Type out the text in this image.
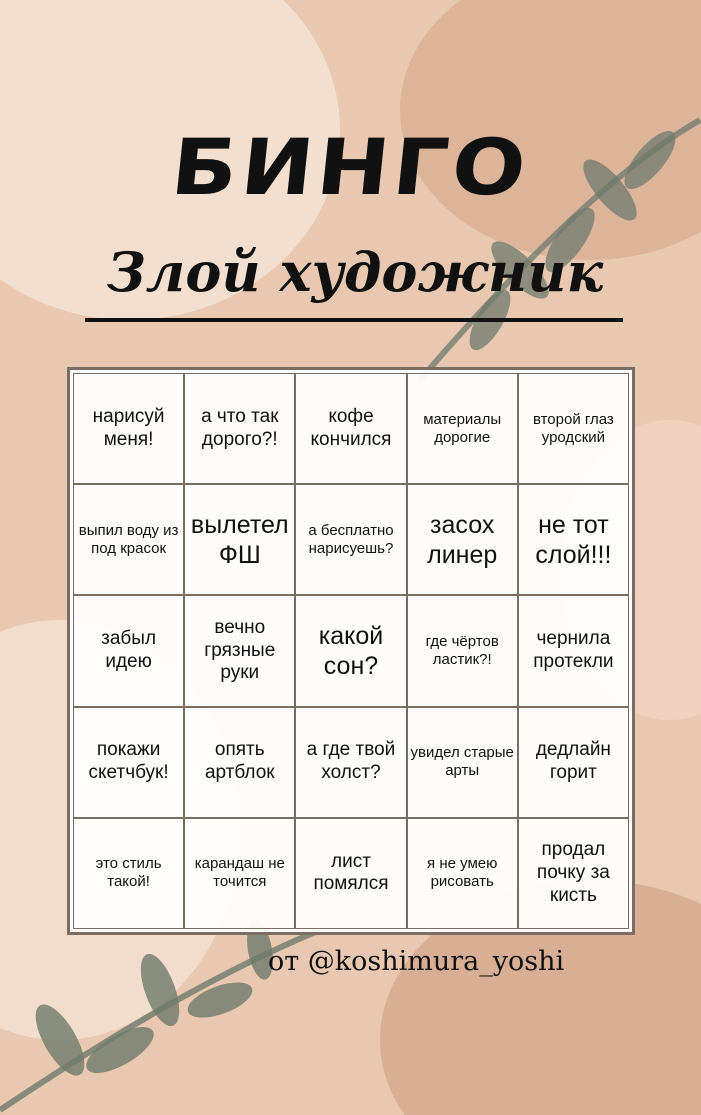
БИНГО
Злой художник
нарисуй меня!
а что так дорого?!
кофе кончился
материалы дорогие
второй глаз уродский
выпил воду из под красок
вылетел ФШ
а бесплатно нарисуешь?
засох линер
не тот слой!!!
забыл идею
вечно грязные руки
какой сон?
где чёртов ластик?!
чернила протекли
покажи скетчбук!
опять артблок
а где твой холст?
увидел старые арты
дедлайн горит
это стиль такой!
карандаш не точится
лист помялся
я не умею рисовать
продал почку за кисть
от @koshimura_yoshi
